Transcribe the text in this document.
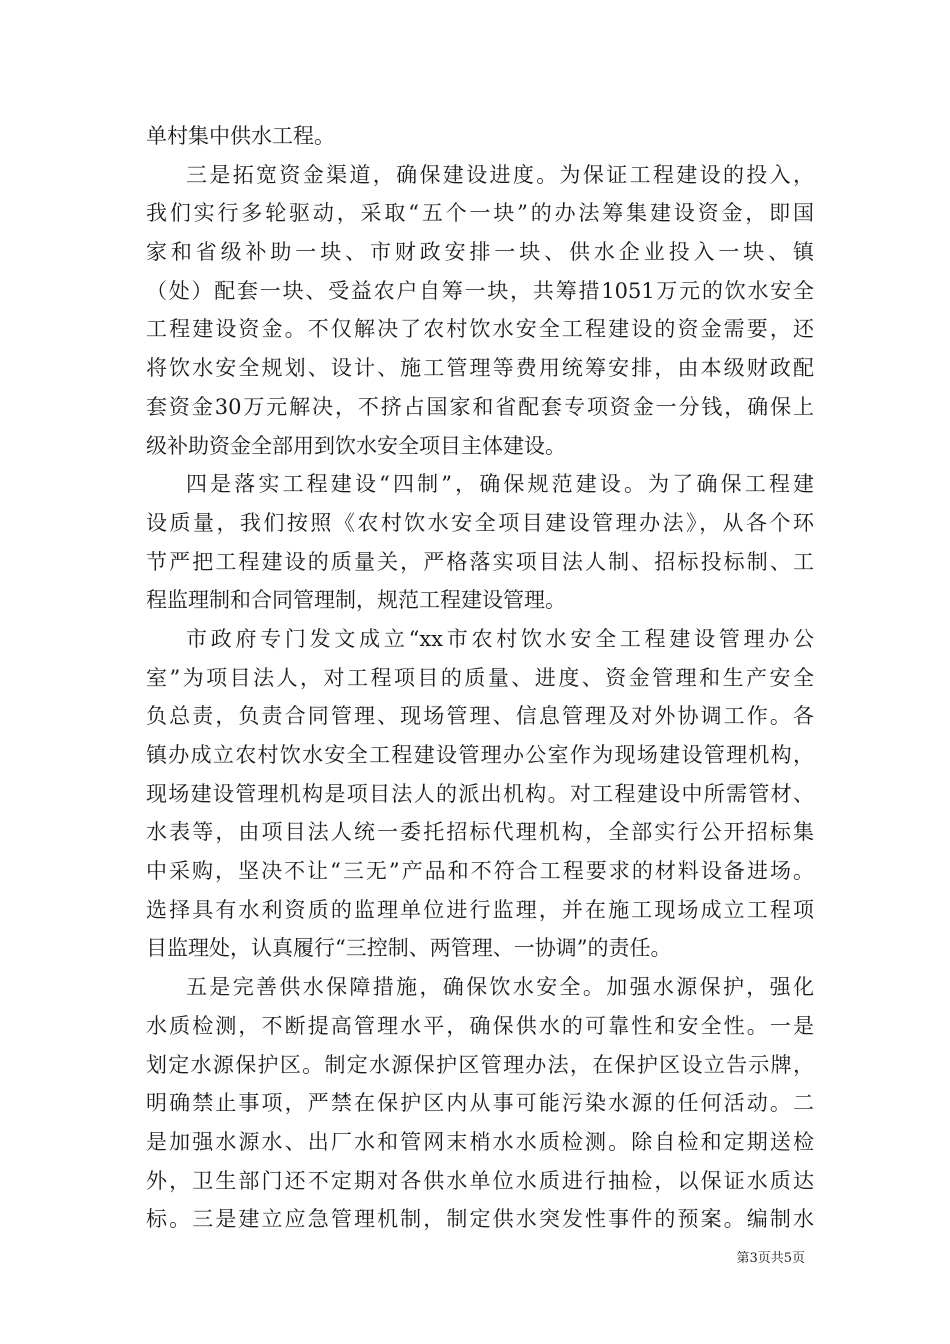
单村集中供水工程。
三是拓宽资金渠道，确保建设进度。为保证工程建设的投入，
我们实行多轮驱动，采取“五个一块”的办法筹集建设资金，即国
家和省级补助一块、市财政安排一块、供水企业投入一块、镇
（处）配套一块、受益农户自筹一块，共筹措1051万元的饮水安全
工程建设资金。不仅解决了农村饮水安全工程建设的资金需要，还
将饮水安全规划、设计、施工管理等费用统筹安排，由本级财政配
套资金30万元解决，不挤占国家和省配套专项资金一分钱，确保上
级补助资金全部用到饮水安全项目主体建设。
四是落实工程建设“四制”，确保规范建设。为了确保工程建
设质量，我们按照《农村饮水安全项目建设管理办法》，从各个环
节严把工程建设的质量关，严格落实项目法人制、招标投标制、工
程监理制和合同管理制，规范工程建设管理。
市政府专门发文成立“xx市农村饮水安全工程建设管理办公
室”为项目法人，对工程项目的质量、进度、资金管理和生产安全
负总责，负责合同管理、现场管理、信息管理及对外协调工作。各
镇办成立农村饮水安全工程建设管理办公室作为现场建设管理机构，
现场建设管理机构是项目法人的派出机构。对工程建设中所需管材、
水表等，由项目法人统一委托招标代理机构，全部实行公开招标集
中采购，坚决不让“三无”产品和不符合工程要求的材料设备进场。
选择具有水利资质的监理单位进行监理，并在施工现场成立工程项
目监理处，认真履行“三控制、两管理、一协调”的责任。
五是完善供水保障措施，确保饮水安全。加强水源保护，强化
水质检测，不断提高管理水平，确保供水的可靠性和安全性。一是
划定水源保护区。制定水源保护区管理办法，在保护区设立告示牌，
明确禁止事项，严禁在保护区内从事可能污染水源的任何活动。二
是加强水源水、出厂水和管网末梢水水质检测。除自检和定期送检
外，卫生部门还不定期对各供水单位水质进行抽检，以保证水质达
标。三是建立应急管理机制，制定供水突发性事件的预案。编制水
第3页共5页
